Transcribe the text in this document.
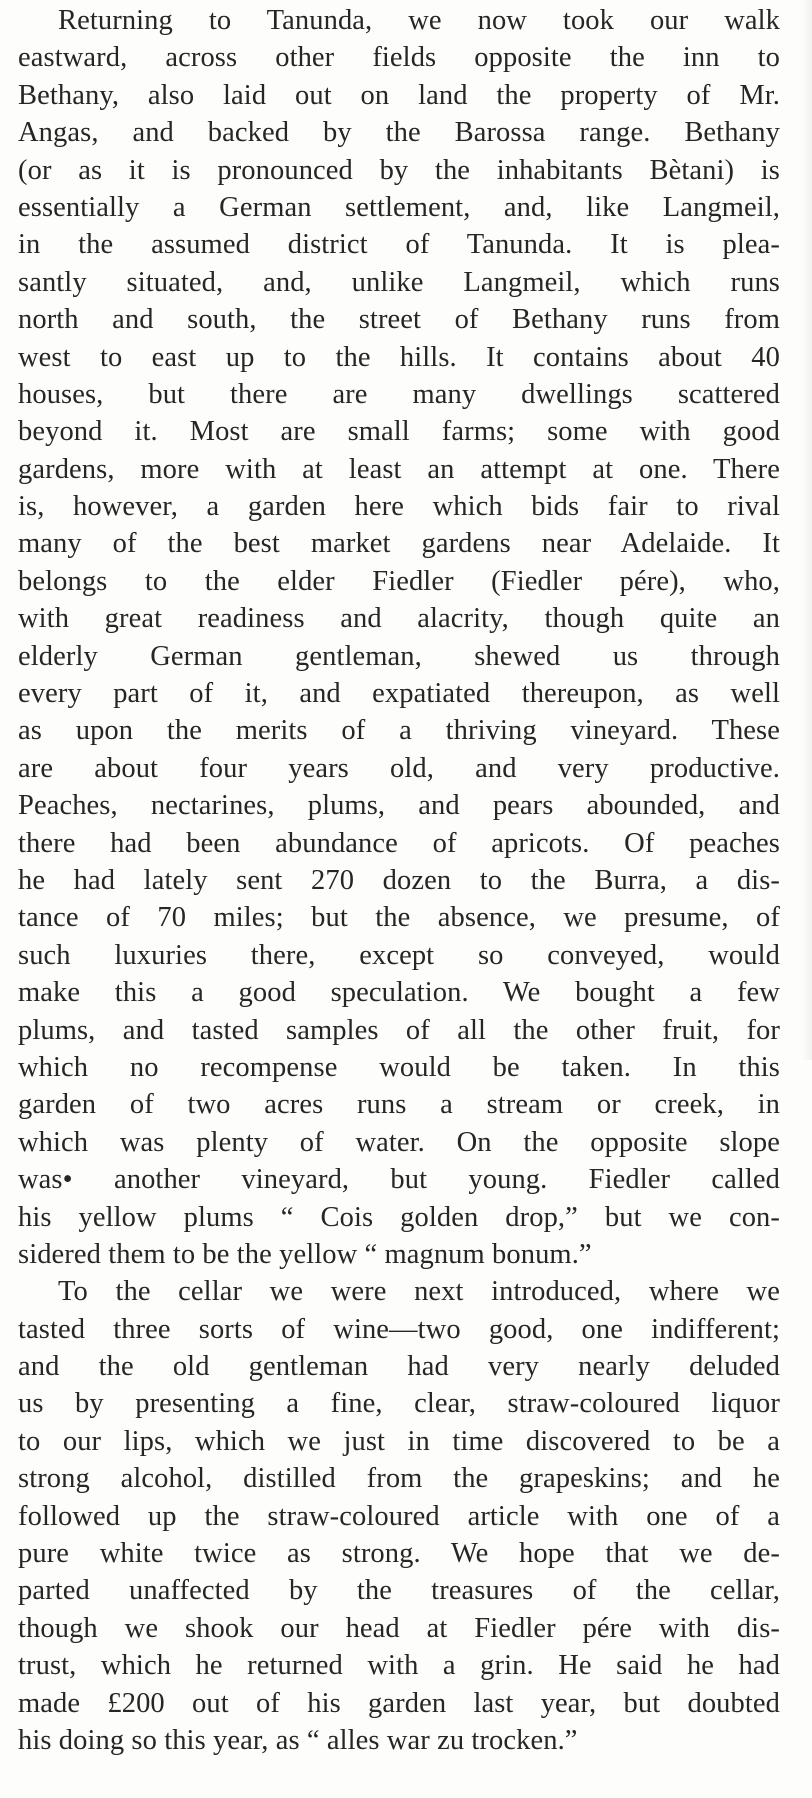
Returning to Tanunda, we now took our walk
eastward, across other fields opposite the inn to
Bethany, also laid out on land the property of Mr.
Angas, and backed by the Barossa range. Bethany
(or as it is pronounced by the inhabitants Bètani) is
essentially a German settlement, and, like Langmeil,
in the assumed district of Tanunda. It is plea-
santly situated, and, unlike Langmeil, which runs
north and south, the street of Bethany runs from
west to east up to the hills. It contains about 40
houses, but there are many dwellings scattered
beyond it. Most are small farms; some with good
gardens, more with at least an attempt at one. There
is, however, a garden here which bids fair to rival
many of the best market gardens near Adelaide. It
belongs to the elder Fiedler (Fiedler pére), who,
with great readiness and alacrity, though quite an
elderly German gentleman, shewed us through
every part of it, and expatiated thereupon, as well
as upon the merits of a thriving vineyard. These
are about four years old, and very productive.
Peaches, nectarines, plums, and pears abounded, and
there had been abundance of apricots. Of peaches
he had lately sent 270 dozen to the Burra, a dis-
tance of 70 miles; but the absence, we presume, of
such luxuries there, except so conveyed, would
make this a good speculation. We bought a few
plums, and tasted samples of all the other fruit, for
which no recompense would be taken. In this
garden of two acres runs a stream or creek, in
which was plenty of water. On the opposite slope
was• another vineyard, but young. Fiedler called
his yellow plums “ Cois golden drop,” but we con-
sidered them to be the yellow “ magnum bonum.”
To the cellar we were next introduced, where we
tasted three sorts of wine—two good, one indifferent;
and the old gentleman had very nearly deluded
us by presenting a fine, clear, straw-coloured liquor
to our lips, which we just in time discovered to be a
strong alcohol, distilled from the grapeskins; and he
followed up the straw-coloured article with one of a
pure white twice as strong. We hope that we de-
parted unaffected by the treasures of the cellar,
though we shook our head at Fiedler pére with dis-
trust, which he returned with a grin. He said he had
made £200 out of his garden last year, but doubted
his doing so this year, as “ alles war zu trocken.”
